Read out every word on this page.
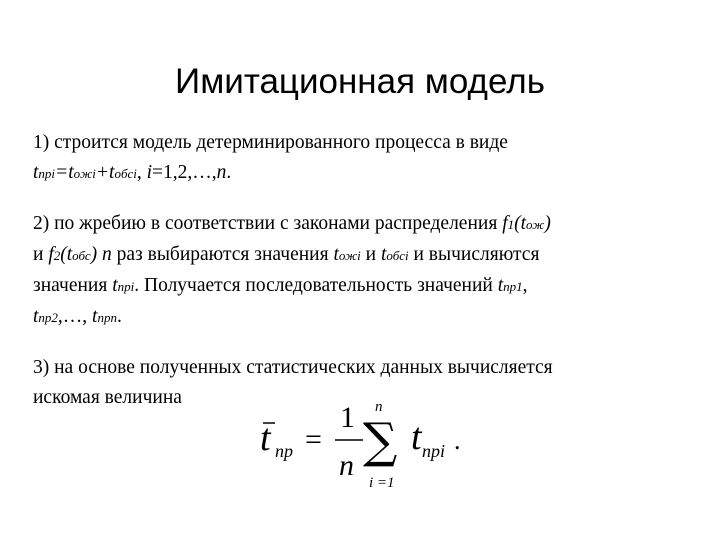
Имитационная модель

1) строится модель детерминированного процесса в виде
tnpi=toжi+toбci, i=1,2,…,n.

2) по жребию в соответствии с законами распределения f1(tож)
и f2(tобс) n раз выбираются значения tожi и tобci и вычисляются
значения tnpi. Получается последовательность значений tnp1,
tnp2,…, tnpn.

3) на основе полученных статистических данных вычисляется
искомая величина

t np =
1
n
n
∑
i =1
t npi .
